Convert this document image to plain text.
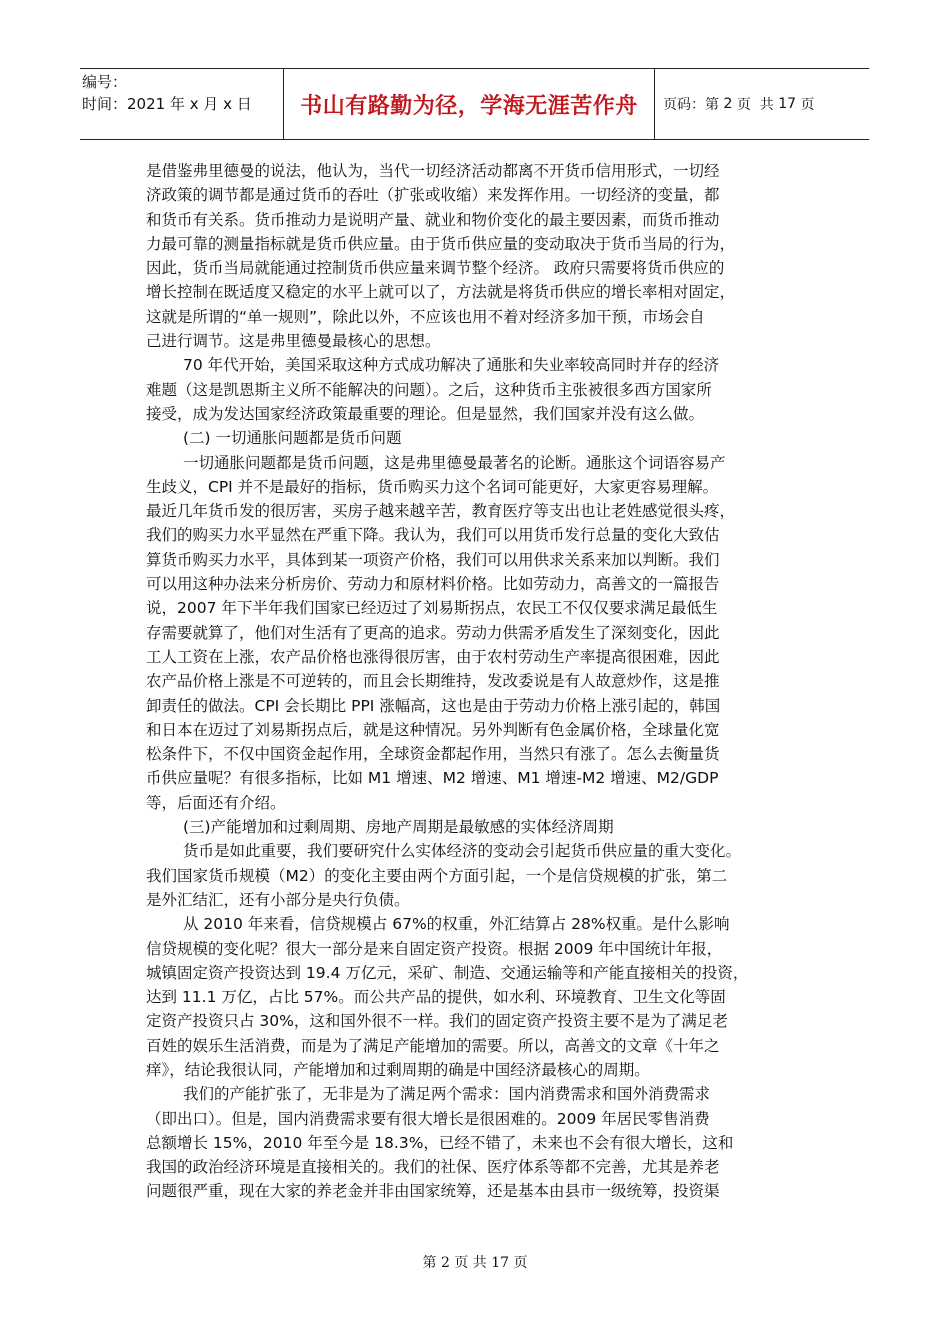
编号：
时间：2021 年 x 月 x 日	书山有路勤为径，学海无涯苦作舟	页码：第 2 页  共 17 页
是借鉴弗里德曼的说法，他认为，当代一切经济活动都离不开货币信用形式，一切经
济政策的调节都是通过货币的吞吐（扩张或收缩）来发挥作用。一切经济的变量，都
和货币有关系。货币推动力是说明产量、就业和物价变化的最主要因素，而货币推动
力最可靠的测量指标就是货币供应量。由于货币供应量的变动取决于货币当局的行为，
因此，货币当局就能通过控制货币供应量来调节整个经济。 政府只需要将货币供应的
增长控制在既适度又稳定的水平上就可以了，方法就是将货币供应的增长率相对固定，
这就是所谓的“单一规则”，除此以外，不应该也用不着对经济多加干预，市场会自
己进行调节。这是弗里德曼最核心的思想。
70 年代开始，美国采取这种方式成功解决了通胀和失业率较高同时并存的经济
难题（这是凯恩斯主义所不能解决的问题）。之后，这种货币主张被很多西方国家所
接受，成为发达国家经济政策最重要的理论。但是显然，我们国家并没有这么做。
(二) 一切通胀问题都是货币问题
一切通胀问题都是货币问题，这是弗里德曼最著名的论断。通胀这个词语容易产
生歧义，CPI 并不是最好的指标，货币购买力这个名词可能更好，大家更容易理解。
最近几年货币发的很厉害，买房子越来越辛苦，教育医疗等支出也让老姓感觉很头疼，
我们的购买力水平显然在严重下降。我认为，我们可以用货币发行总量的变化大致估
算货币购买力水平，具体到某一项资产价格，我们可以用供求关系来加以判断。我们
可以用这种办法来分析房价、劳动力和原材料价格。比如劳动力，高善文的一篇报告
说，2007 年下半年我们国家已经迈过了刘易斯拐点，农民工不仅仅要求满足最低生
存需要就算了，他们对生活有了更高的追求。劳动力供需矛盾发生了深刻变化，因此
工人工资在上涨，农产品价格也涨得很厉害，由于农村劳动生产率提高很困难，因此
农产品价格上涨是不可逆转的，而且会长期维持，发改委说是有人故意炒作，这是推
卸责任的做法。CPI 会长期比 PPI 涨幅高，这也是由于劳动力价格上涨引起的，韩国
和日本在迈过了刘易斯拐点后，就是这种情况。另外判断有色金属价格，全球量化宽
松条件下，不仅中国资金起作用，全球资金都起作用，当然只有涨了。怎么去衡量货
币供应量呢？有很多指标，比如 M1 增速、M2 增速、M1 增速-M2 增速、M2/GDP
等，后面还有介绍。
(三)产能增加和过剩周期、房地产周期是最敏感的实体经济周期
货币是如此重要，我们要研究什么实体经济的变动会引起货币供应量的重大变化。
我们国家货币规模（M2）的变化主要由两个方面引起，一个是信贷规模的扩张，第二
是外汇结汇，还有小部分是央行负债。
从 2010 年来看，信贷规模占 67%的权重，外汇结算占 28%权重。是什么影响
信贷规模的变化呢？很大一部分是来自固定资产投资。根据 2009 年中国统计年报，
城镇固定资产投资达到 19.4 万亿元，采矿、制造、交通运输等和产能直接相关的投资，
达到 11.1 万亿，占比 57%。而公共产品的提供，如水利、环境教育、卫生文化等固
定资产投资只占 30%，这和国外很不一样。我们的固定资产投资主要不是为了满足老
百姓的娱乐生活消费，而是为了满足产能增加的需要。所以，高善文的文章《十年之
痒》，结论我很认同，产能增加和过剩周期的确是中国经济最核心的周期。
我们的产能扩张了，无非是为了满足两个需求：国内消费需求和国外消费需求
（即出口）。但是，国内消费需求要有很大增长是很困难的。2009 年居民零售消费
总额增长 15%，2010 年至今是 18.3%，已经不错了，未来也不会有很大增长，这和
我国的政治经济环境是直接相关的。我们的社保、医疗体系等都不完善，尤其是养老
问题很严重，现在大家的养老金并非由国家统筹，还是基本由县市一级统筹，投资渠
第 2 页 共 17 页
